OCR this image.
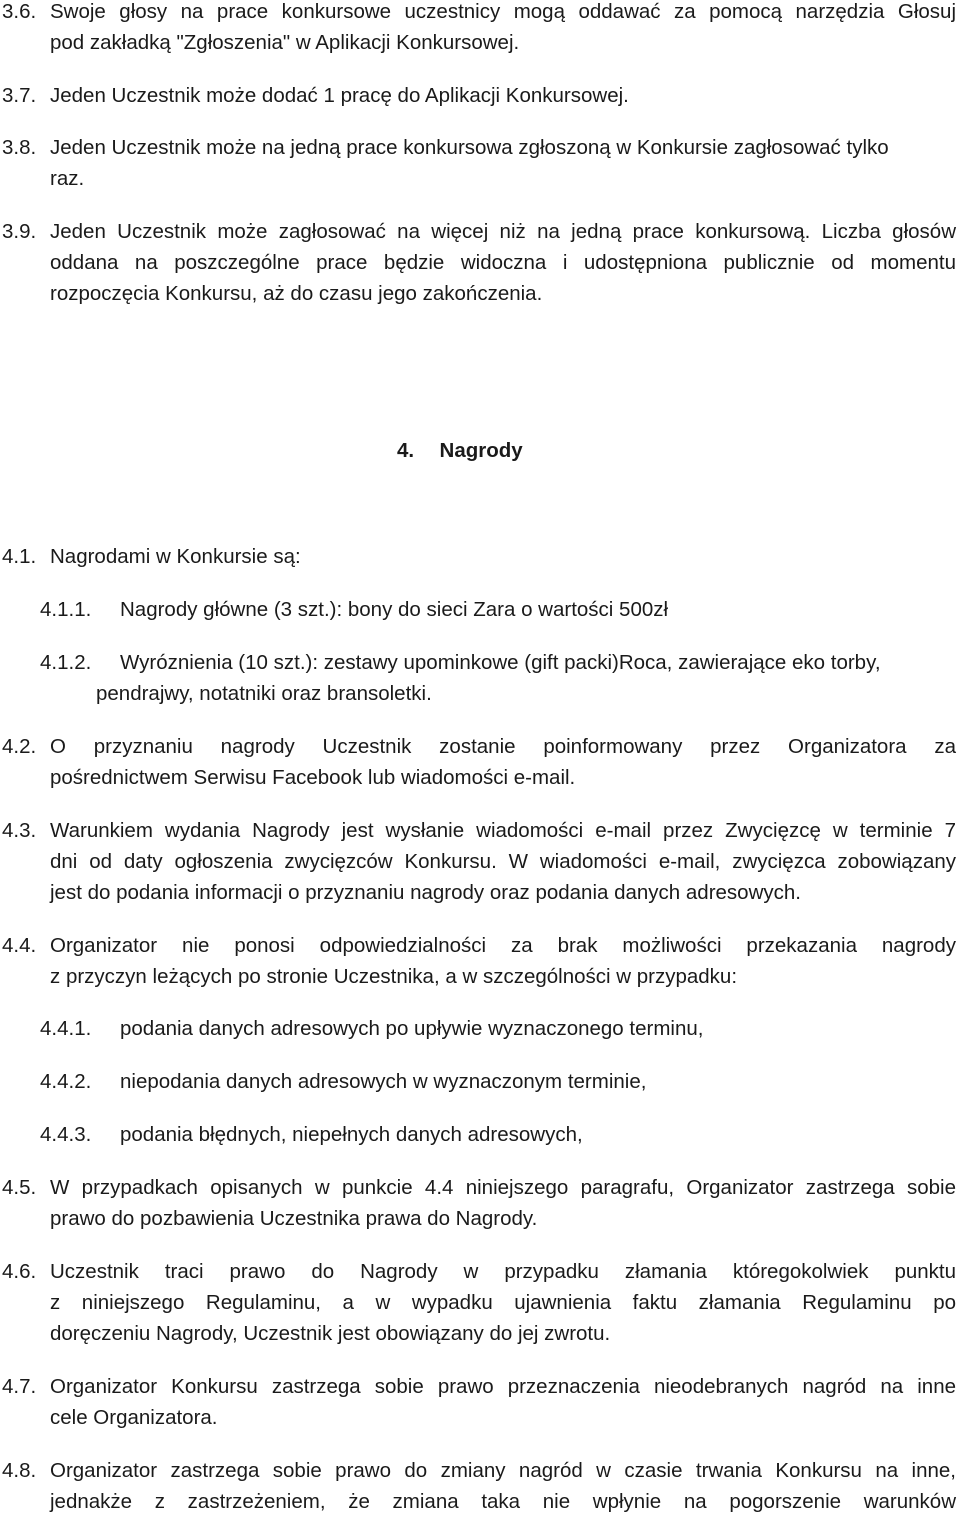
3.6. Swoje głosy na prace konkursowe uczestnicy mogą oddawać za pomocą narzędzia Głosuj
pod zakładką "Zgłoszenia" w Aplikacji Konkursowej.
3.7. Jeden Uczestnik może dodać 1 pracę do Aplikacji Konkursowej.
3.8. Jeden Uczestnik może na jedną prace konkursowa zgłoszoną w Konkursie zagłosować tylko
raz.
3.9. Jeden Uczestnik może zagłosować na więcej niż na jedną prace konkursową. Liczba głosów
oddana na poszczególne prace będzie widoczna i udostępniona publicznie od momentu
rozpoczęcia Konkursu, aż do czasu jego zakończenia.
4. Nagrody
4.1. Nagrodami w Konkursie są:
4.1.1. Nagrody główne (3 szt.): bony do sieci Zara o wartości 500zł
4.1.2. Wyróznienia (10 szt.): zestawy upominkowe (gift packi)Roca, zawierające eko torby,
pendrajwy, notatniki oraz bransoletki.
4.2. O przyznaniu nagrody Uczestnik zostanie poinformowany przez Organizatora za
pośrednictwem Serwisu Facebook lub wiadomości e-mail.
4.3. Warunkiem wydania Nagrody jest wysłanie wiadomości e-mail przez Zwycięzcę w terminie 7
dni od daty ogłoszenia zwycięzców Konkursu. W wiadomości e-mail, zwycięzca zobowiązany
jest do podania informacji o przyznaniu nagrody oraz podania danych adresowych.
4.4. Organizator nie ponosi odpowiedzialności za brak możliwości przekazania nagrody
z przyczyn leżących po stronie Uczestnika, a w szczególności w przypadku:
4.4.1. podania danych adresowych po upływie wyznaczonego terminu,
4.4.2. niepodania danych adresowych w wyznaczonym terminie,
4.4.3. podania błędnych, niepełnych danych adresowych,
4.5. W przypadkach opisanych w punkcie 4.4 niniejszego paragrafu, Organizator zastrzega sobie
prawo do pozbawienia Uczestnika prawa do Nagrody.
4.6. Uczestnik traci prawo do Nagrody w przypadku złamania któregokolwiek punktu
z niniejszego Regulaminu, a w wypadku ujawnienia faktu złamania Regulaminu po
doręczeniu Nagrody, Uczestnik jest obowiązany do jej zwrotu.
4.7. Organizator Konkursu zastrzega sobie prawo przeznaczenia nieodebranych nagród na inne
cele Organizatora.
4.8. Organizator zastrzega sobie prawo do zmiany nagród w czasie trwania Konkursu na inne,
jednakże z zastrzeżeniem, że zmiana taka nie wpłynie na pogorszenie warunków
